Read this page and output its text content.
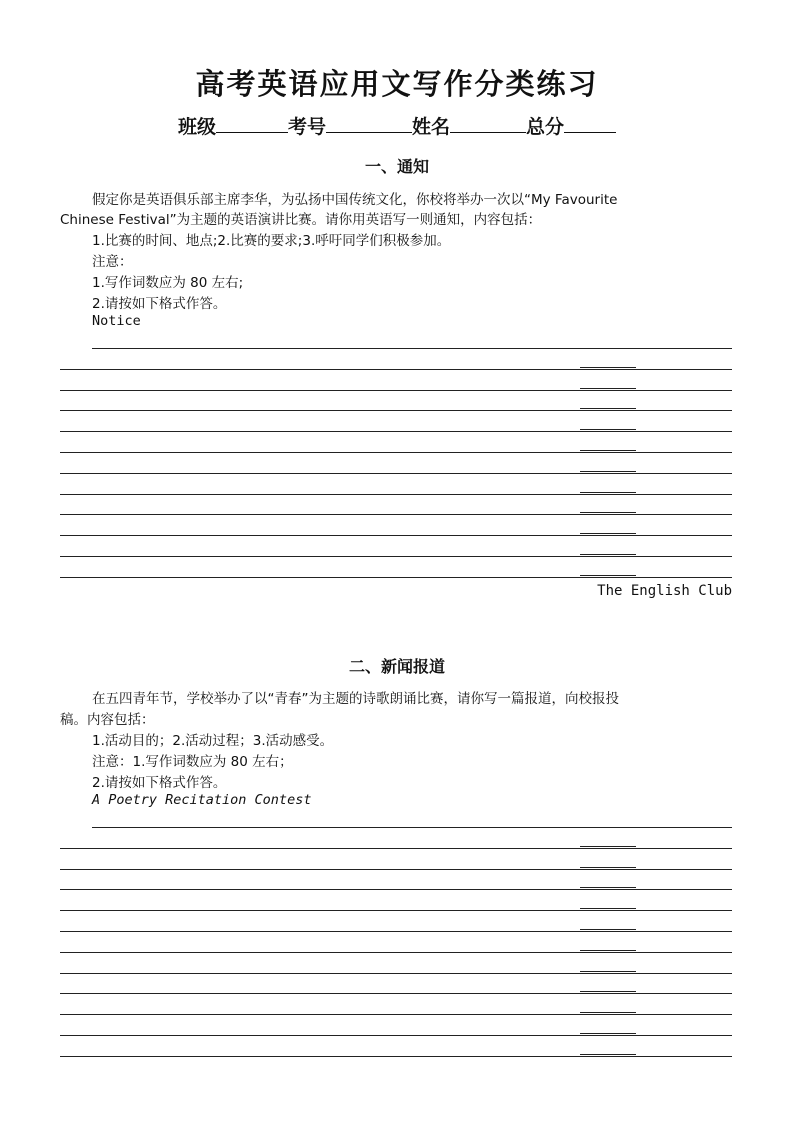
高考英语应用文写作分类练习
班级	考号	姓名	总分
一、通知
假定你是英语俱乐部主席李华，为弘扬中国传统文化，你校将举办一次以“My Favourite
Chinese Festival”为主题的英语演讲比赛。请你用英语写一则通知，内容包括：
1.比赛的时间、地点;2.比赛的要求;3.呼吁同学们积极参加。
注意：
1.写作词数应为 80 左右;
2.请按如下格式作答。
Notice
The English Club
二、新闻报道
在五四青年节，学校举办了以“青春”为主题的诗歌朗诵比赛，请你写一篇报道，向校报投
稿。内容包括：
1.活动目的；2.活动过程；3.活动感受。
注意：1.写作词数应为 80 左右；
2.请按如下格式作答。
A Poetry Recitation Contest
